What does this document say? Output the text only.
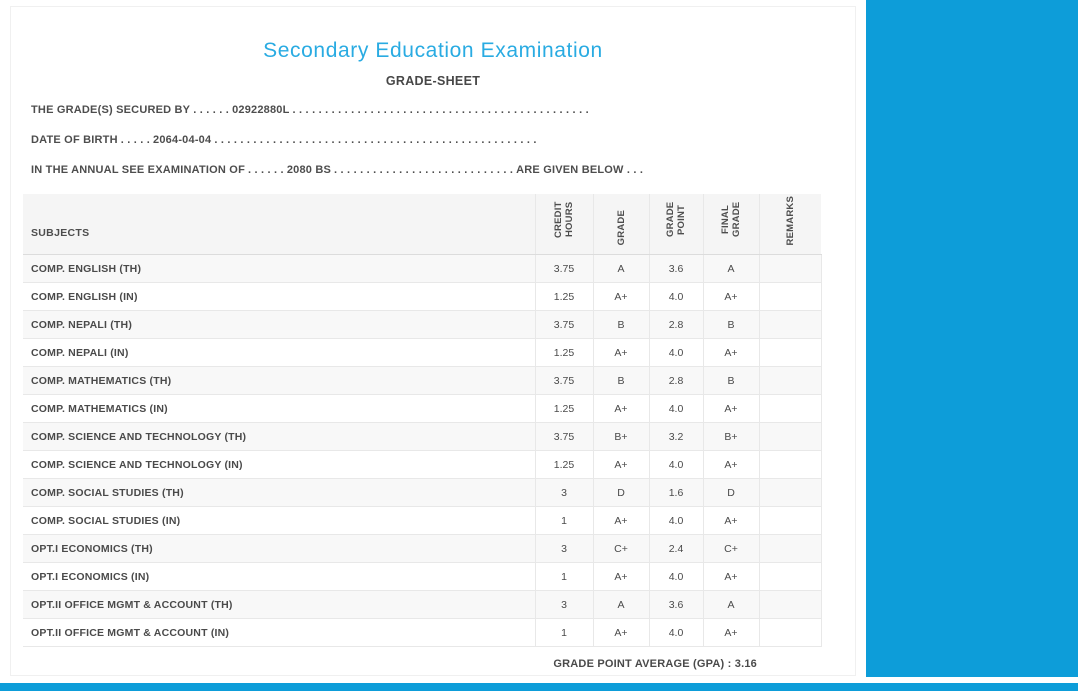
Secondary Education Examination
GRADE-SHEET
THE GRADE(S) SECURED BY . . . . . . 02922880L . . . . . . . . . . . . . . . . . . . . . . . . . . . . . . . . . . . . . . . . . . . . . .
DATE OF BIRTH . . . . . 2064-04-04 . . . . . . . . . . . . . . . . . . . . . . . . . . . . . . . . . . . . . . . . . . . . . . . . . .
IN THE ANNUAL SEE EXAMINATION OF . . . . . . 2080 BS . . . . . . . . . . . . . . . . . . . . . . . . . . . . ARE GIVEN BELOW . . .
SUBJECTS	CREDIT HOURS	GRADE	GRADE POINT	FINAL GRADE	REMARKS
COMP. ENGLISH (TH)	3.75	A	3.6	A	
COMP. ENGLISH (IN)	1.25	A+	4.0	A+	
COMP. NEPALI (TH)	3.75	B	2.8	B	
COMP. NEPALI (IN)	1.25	A+	4.0	A+	
COMP. MATHEMATICS (TH)	3.75	B	2.8	B	
COMP. MATHEMATICS (IN)	1.25	A+	4.0	A+	
COMP. SCIENCE AND TECHNOLOGY (TH)	3.75	B+	3.2	B+	
COMP. SCIENCE AND TECHNOLOGY (IN)	1.25	A+	4.0	A+	
COMP. SOCIAL STUDIES (TH)	3	D	1.6	D	
COMP. SOCIAL STUDIES (IN)	1	A+	4.0	A+	
OPT.I ECONOMICS (TH)	3	C+	2.4	C+	
OPT.I ECONOMICS (IN)	1	A+	4.0	A+	
OPT.II OFFICE MGMT & ACCOUNT (TH)	3	A	3.6	A	
OPT.II OFFICE MGMT & ACCOUNT (IN)	1	A+	4.0	A+	
GRADE POINT AVERAGE (GPA) : 3.16
